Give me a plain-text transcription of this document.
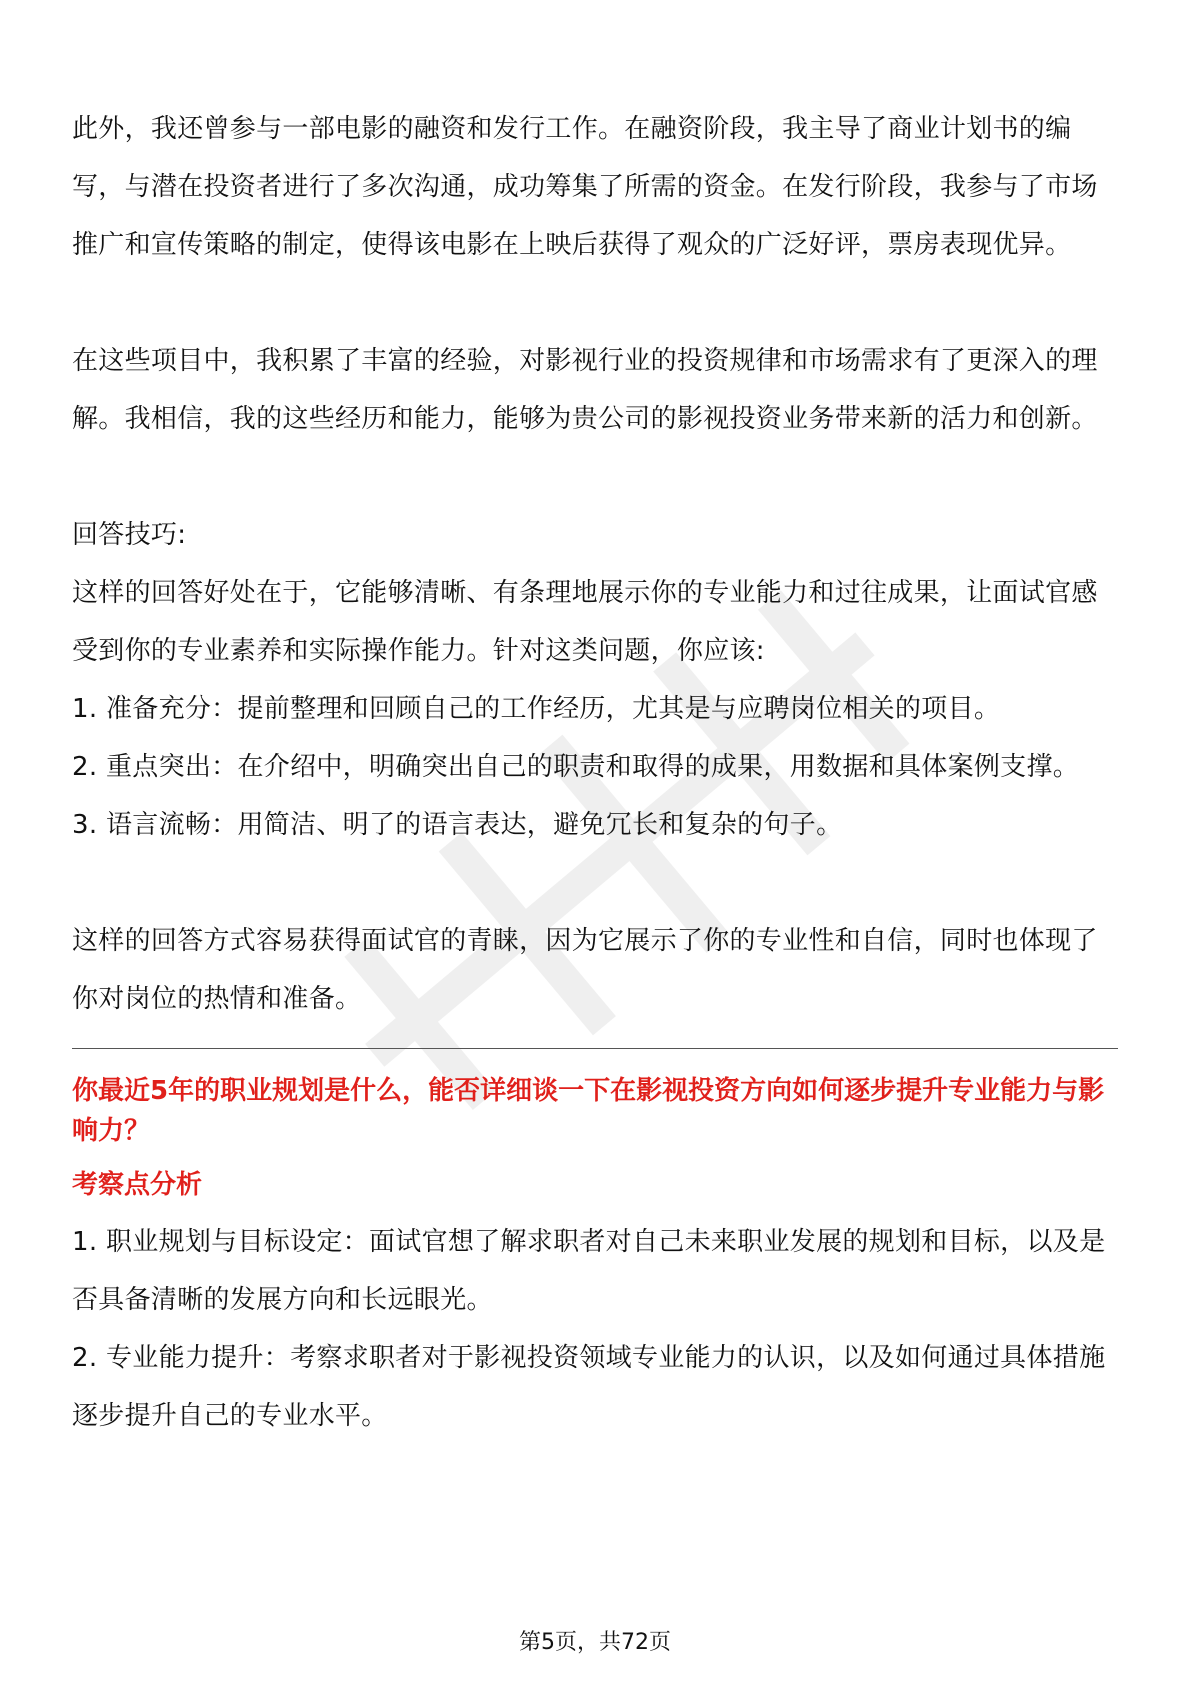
此外，我还曾参与一部电影的融资和发行工作。在融资阶段，我主导了商业计划书的编写，与潜在投资者进行了多次沟通，成功筹集了所需的资金。在发行阶段，我参与了市场推广和宣传策略的制定，使得该电影在上映后获得了观众的广泛好评，票房表现优异。

在这些项目中，我积累了丰富的经验，对影视行业的投资规律和市场需求有了更深入的理解。我相信，我的这些经历和能力，能够为贵公司的影视投资业务带来新的活力和创新。

回答技巧:

这样的回答好处在于，它能够清晰、有条理地展示你的专业能力和过往成果，让面试官感受到你的专业素养和实际操作能力。针对这类问题，你应该:

1. 准备充分：提前整理和回顾自己的工作经历，尤其是与应聘岗位相关的项目。

2. 重点突出：在介绍中，明确突出自己的职责和取得的成果，用数据和具体案例支撑。

3. 语言流畅：用简洁、明了的语言表达，避免冗长和复杂的句子。

这样的回答方式容易获得面试官的青睐，因为它展示了你的专业性和自信，同时也体现了你对岗位的热情和准备。

你最近5年的职业规划是什么，能否详细谈一下在影视投资方向如何逐步提升专业能力与影响力？

考察点分析

1. 职业规划与目标设定：面试官想了解求职者对自己未来职业发展的规划和目标，以及是否具备清晰的发展方向和长远眼光。

2. 专业能力提升：考察求职者对于影视投资领域专业能力的认识，以及如何通过具体措施逐步提升自己的专业水平。

第5页，共72页
